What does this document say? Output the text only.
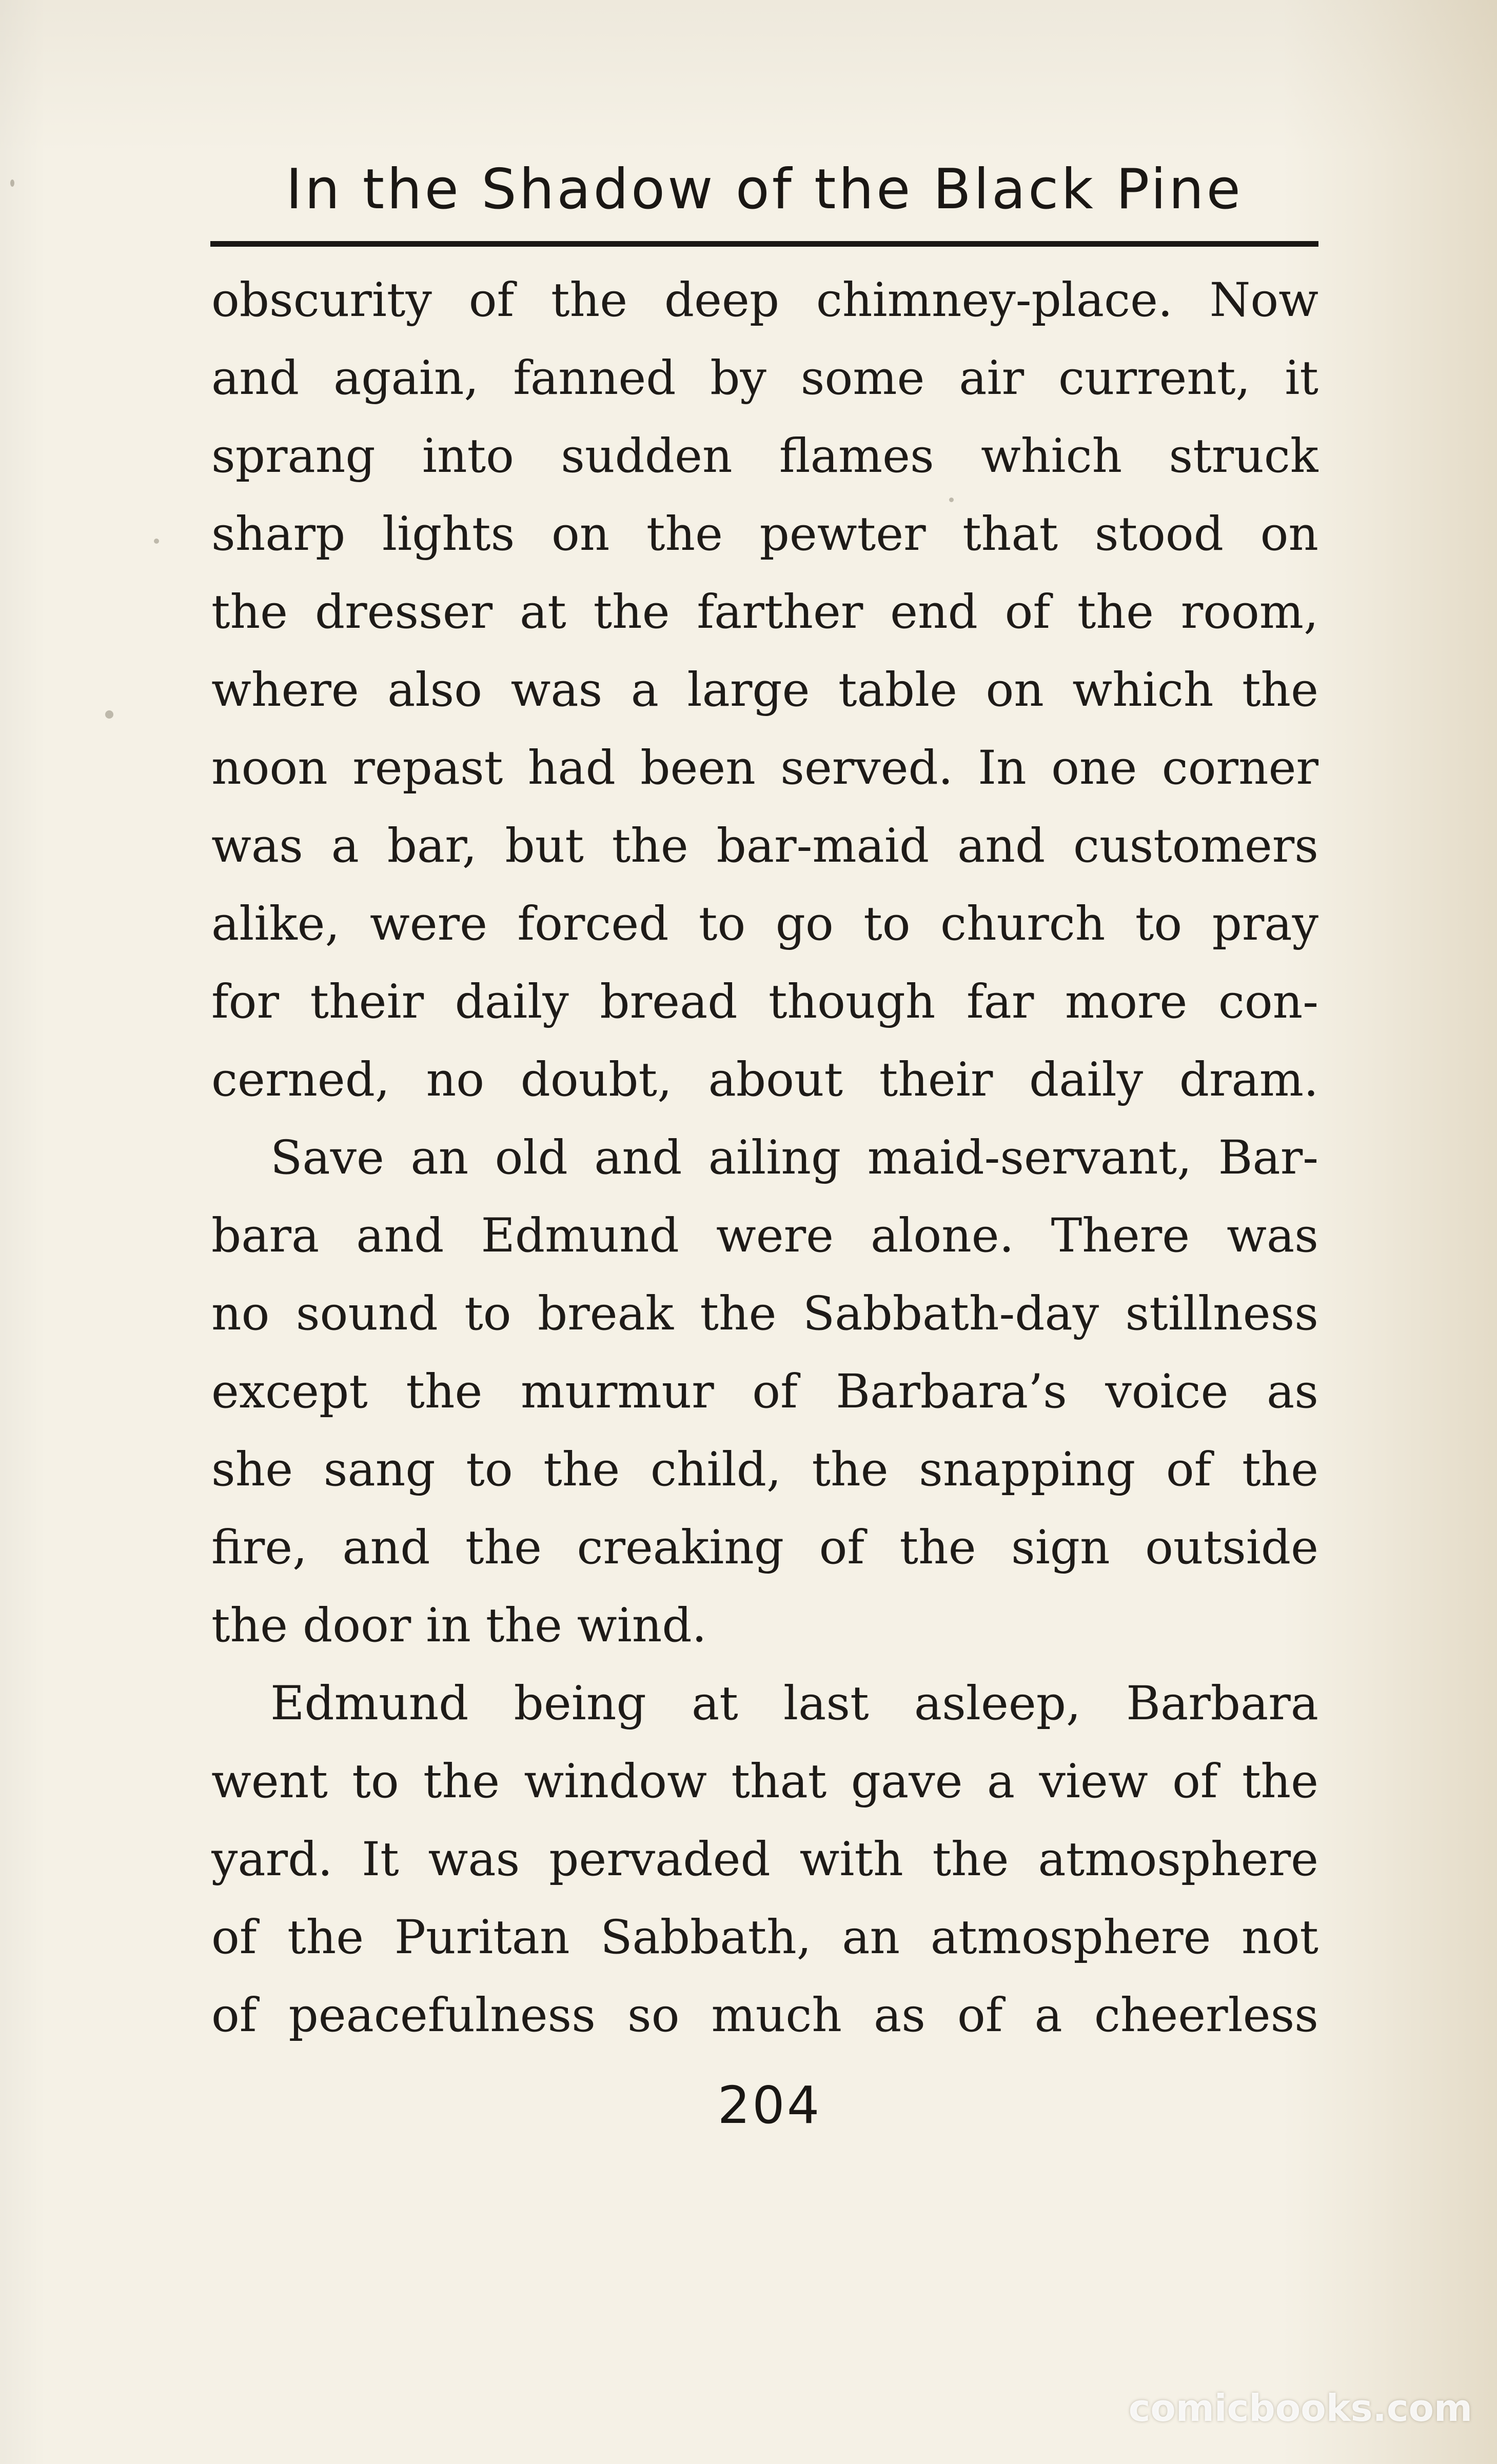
In the Shadow of the Black Pine
obscurity of the deep chimney-place. Now
and again, fanned by some air current, it
sprang into sudden flames which struck
sharp lights on the pewter that stood on
the dresser at the farther end of the room,
where also was a large table on which the
noon repast had been served. In one corner
was a bar, but the bar-maid and customers
alike, were forced to go to church to pray
for their daily bread though far more con-
cerned, no doubt, about their daily dram.
Save an old and ailing maid-servant, Bar-
bara and Edmund were alone. There was
no sound to break the Sabbath-day stillness
except the murmur of Barbara’s voice as
she sang to the child, the snapping of the
fire, and the creaking of the sign outside
the door in the wind.
Edmund being at last asleep, Barbara
went to the window that gave a view of the
yard. It was pervaded with the atmosphere
of the Puritan Sabbath, an atmosphere not
of peacefulness so much as of a cheerless
204
comicbooks.com
